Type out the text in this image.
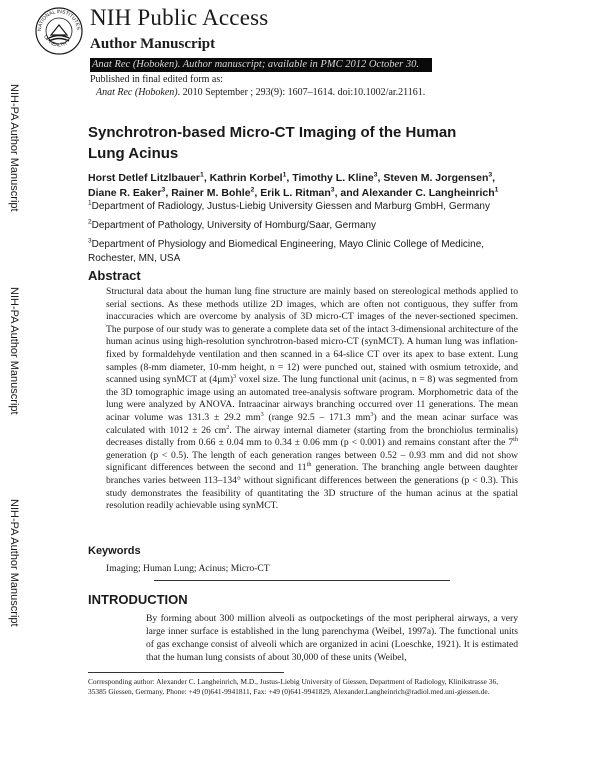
NATIONAL INSTITUTES
OF HEALTH
NIH Public Access
Author Manuscript
Anat Rec (Hoboken). Author manuscript; available in PMC 2012 October 30.
Published in final edited form as:
Anat Rec (Hoboken). 2010 September ; 293(9): 1607–1614. doi:10.1002/ar.21161.
NIH-PA Author Manuscript
NIH-PA Author Manuscript
NIH-PA Author Manuscript
Synchrotron-based Micro-CT Imaging of the Human Lung Acinus
Horst Detlef Litzlbauer$^1$, Kathrin Korbel$^1$, Timothy L. Kline$^3$, Steven M. Jorgensen$^3$, Diane R. Eaker$^3$, Rainer M. Bohle$^2$, Erik L. Ritman$^3$, and Alexander C. Langheinrich$^1$
$^1$Department of Radiology, Justus-Liebig University Giessen and Marburg GmbH, Germany
$^2$Department of Pathology, University of Homburg/Saar, Germany
$^3$Department of Physiology and Biomedical Engineering, Mayo Clinic College of Medicine, Rochester, MN, USA
Abstract

Structural data about the human lung fine structure are mainly based on stereological methods applied to serial sections. As these methods utilize 2D images, which are often not contiguous, they suffer from inaccuracies which are overcome by analysis of 3D micro-CT images of the never-sectioned specimen. The purpose of our study was to generate a complete data set of the intact 3-dimensional architecture of the human acinus using high-resolution synchrotron-based micro-CT (synMCT). A human lung was inflation-fixed by formaldehyde ventilation and then scanned in a 64-slice CT over its apex to base extent. Lung samples (8-mm diameter, 10-mm height, n = 12) were punched out, stained with osmium tetroxide, and scanned using synMCT at $(4\mu m)^3$ voxel size. The lung functional unit (acinus, n = 8) was segmented from the 3D tomographic image using an automated tree-analysis software program. Morphometric data of the lung were analyzed by ANOVA. Intraacinar airways branching occurred over 11 generations. The mean acinar volume was 131.3 ± 29.2 $mm^3$ (range 92.5 – 171.3 $mm^3$) and the mean acinar surface was calculated with 1012 ± 26 $cm^2$. The airway internal diameter (starting from the bronchiolus terminalis) decreases distally from 0.66 ± 0.04 mm to 0.34 ± 0.06 mm (p < 0.001) and remains constant after the 7th generation (p < 0.5). The length of each generation ranges between 0.52 – 0.93 mm and did not show significant differences between the second and 11th generation. The branching angle between daughter branches varies between 113–134° without significant differences between the generations (p < 0.3). This study demonstrates the feasibility of quantitating the 3D structure of the human acinus at the spatial resolution readily achievable using synMCT.

Keywords
Imaging; Human Lung; Acinus; Micro-CT
INTRODUCTION

By forming about 300 million alveoli as outpocketings of the most peripheral airways, a very large inner surface is established in the lung parenchyma (Weibel, 1997a). The functional units of gas exchange consist of alveoli which are organized in acini (Loeschke, 1921). It is estimated that the human lung consists of about 30,000 of these units (Weibel,

Corresponding author: Alexander C. Langheinrich, M.D., Justus-Liebig University of Giessen, Department of Radiology, Klinikstrasse 36, 35385 Giessen, Germany, Phone: +49 (0)641-9941811, Fax: +49 (0)641-9941829, Alexander.Langheinrich@radiol.med.uni-giessen.de.
